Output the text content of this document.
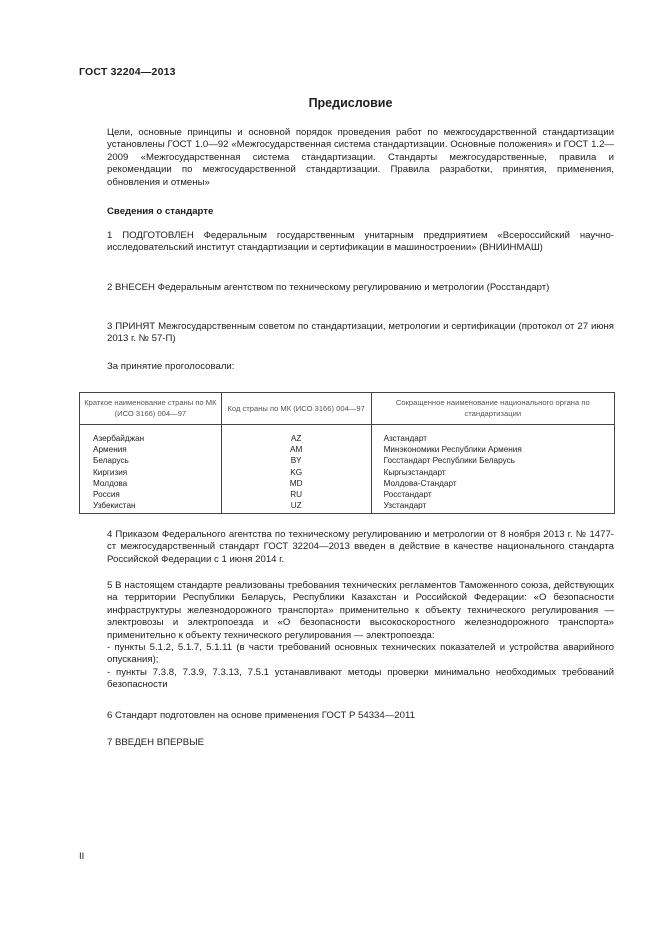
ГОСТ 32204—2013
Предисловие
Цели, основные принципы и основной порядок проведения работ по межгосударственной стандартизации установлены ГОСТ 1.0—92 «Межгосударственная система стандартизации. Основные положения» и ГОСТ 1.2—2009 «Межгосударственная система стандартизации. Стандарты межгосударственные, правила и рекомендации по межгосударственной стандартизации. Правила разработки, принятия, применения, обновления и отмены»
Сведения о стандарте
1 ПОДГОТОВЛЕН Федеральным государственным унитарным предприятием «Всероссийский научно-исследовательский институт стандартизации и сертификации в машиностроении» (ВНИИНМАШ)
2 ВНЕСЕН Федеральным агентством по техническому регулированию и метрологии (Росстандарт)
3 ПРИНЯТ Межгосударственным советом по стандартизации, метрологии и сертификации (протокол от 27 июня 2013 г. № 57-П)
За принятие проголосовали:
Краткое наименование страны по МК (ИСО 3166) 004—97	Код страны по МК (ИСО 3166) 004—97	Сокращенное наименование национального органа по стандартизации
Азербайджан	AZ	Азстандарт
Армения	AM	Минэкономики Республики Армения
Беларусь	BY	Госстандарт Республики Беларусь
Киргизия	KG	Кыргызстандарт
Молдова	MD	Молдова-Стандарт
Россия	RU	Росстандарт
Узбекистан	UZ	Узстандарт
4 Приказом Федерального агентства по техническому регулированию и метрологии от 8 ноября 2013 г. № 1477-ст межгосударственный стандарт ГОСТ 32204—2013 введен в действие в качестве национального стандарта Российской Федерации с 1 июня 2014 г.
5 В настоящем стандарте реализованы требования технических регламентов Таможенного союза, действующих на территории Республики Беларусь, Республики Казахстан и Российской Федерации: «О безопасности инфраструктуры железнодорожного транспорта» применительно к объекту технического регулирования — электровозы и электропоезда и «О безопасности высокоскоростного железнодорожного транспорта» применительно к объекту технического регулирования — электропоезда:
- пункты 5.1.2, 5.1.7, 5.1.11 (в части требований основных технических показателей и устройства аварийного опускания);
- пункты 7.3.8, 7.3.9, 7.3.13, 7.5.1 устанавливают методы проверки минимально необходимых требований безопасности
6 Стандарт подготовлен на основе применения ГОСТ Р 54334—2011
7 ВВЕДЕН ВПЕРВЫЕ
II
